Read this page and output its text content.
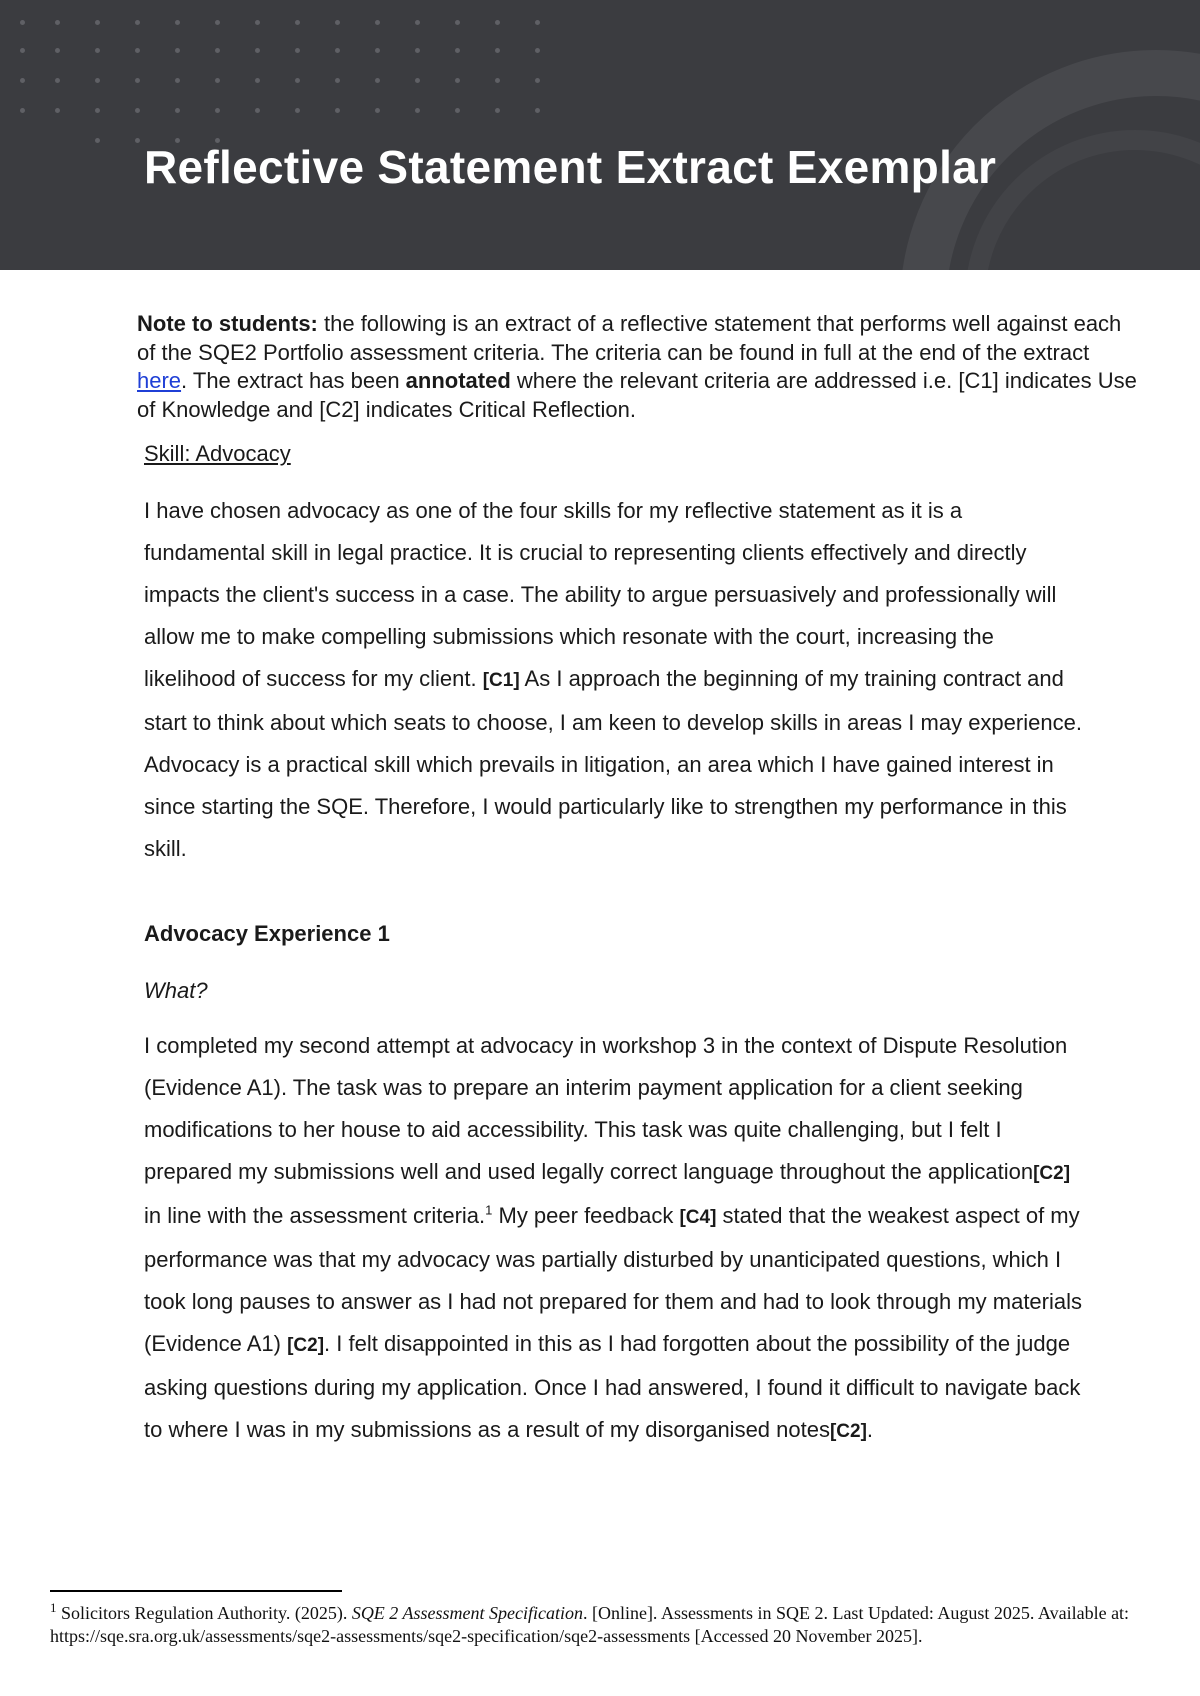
Reflective Statement Extract Exemplar
Note to students: the following is an extract of a reflective statement that performs well against each of the SQE2 Portfolio assessment criteria. The criteria can be found in full at the end of the extract here. The extract has been annotated where the relevant criteria are addressed i.e. [C1] indicates Use of Knowledge and [C2] indicates Critical Reflection.
Skill: Advocacy
I have chosen advocacy as one of the four skills for my reflective statement as it is a fundamental skill in legal practice. It is crucial to representing clients effectively and directly impacts the client's success in a case. The ability to argue persuasively and professionally will allow me to make compelling submissions which resonate with the court, increasing the likelihood of success for my client. [C1] As I approach the beginning of my training contract and start to think about which seats to choose, I am keen to develop skills in areas I may experience. Advocacy is a practical skill which prevails in litigation, an area which I have gained interest in since starting the SQE. Therefore, I would particularly like to strengthen my performance in this skill.
Advocacy Experience 1
What?
I completed my second attempt at advocacy in workshop 3 in the context of Dispute Resolution (Evidence A1). The task was to prepare an interim payment application for a client seeking modifications to her house to aid accessibility. This task was quite challenging, but I felt I prepared my submissions well and used legally correct language throughout the application[C2] in line with the assessment criteria.$^1$ My peer feedback [C4] stated that the weakest aspect of my performance was that my advocacy was partially disturbed by unanticipated questions, which I took long pauses to answer as I had not prepared for them and had to look through my materials (Evidence A1) [C2]. I felt disappointed in this as I had forgotten about the possibility of the judge asking questions during my application. Once I had answered, I found it difficult to navigate back to where I was in my submissions as a result of my disorganised notes[C2].
$^1$ Solicitors Regulation Authority. (2025). SQE 2 Assessment Specification. [Online]. Assessments in SQE 2. Last Updated: August 2025. Available at: https://sqe.sra.org.uk/assessments/sqe2-assessments/sqe2-specification/sqe2-assessments [Accessed 20 November 2025].
